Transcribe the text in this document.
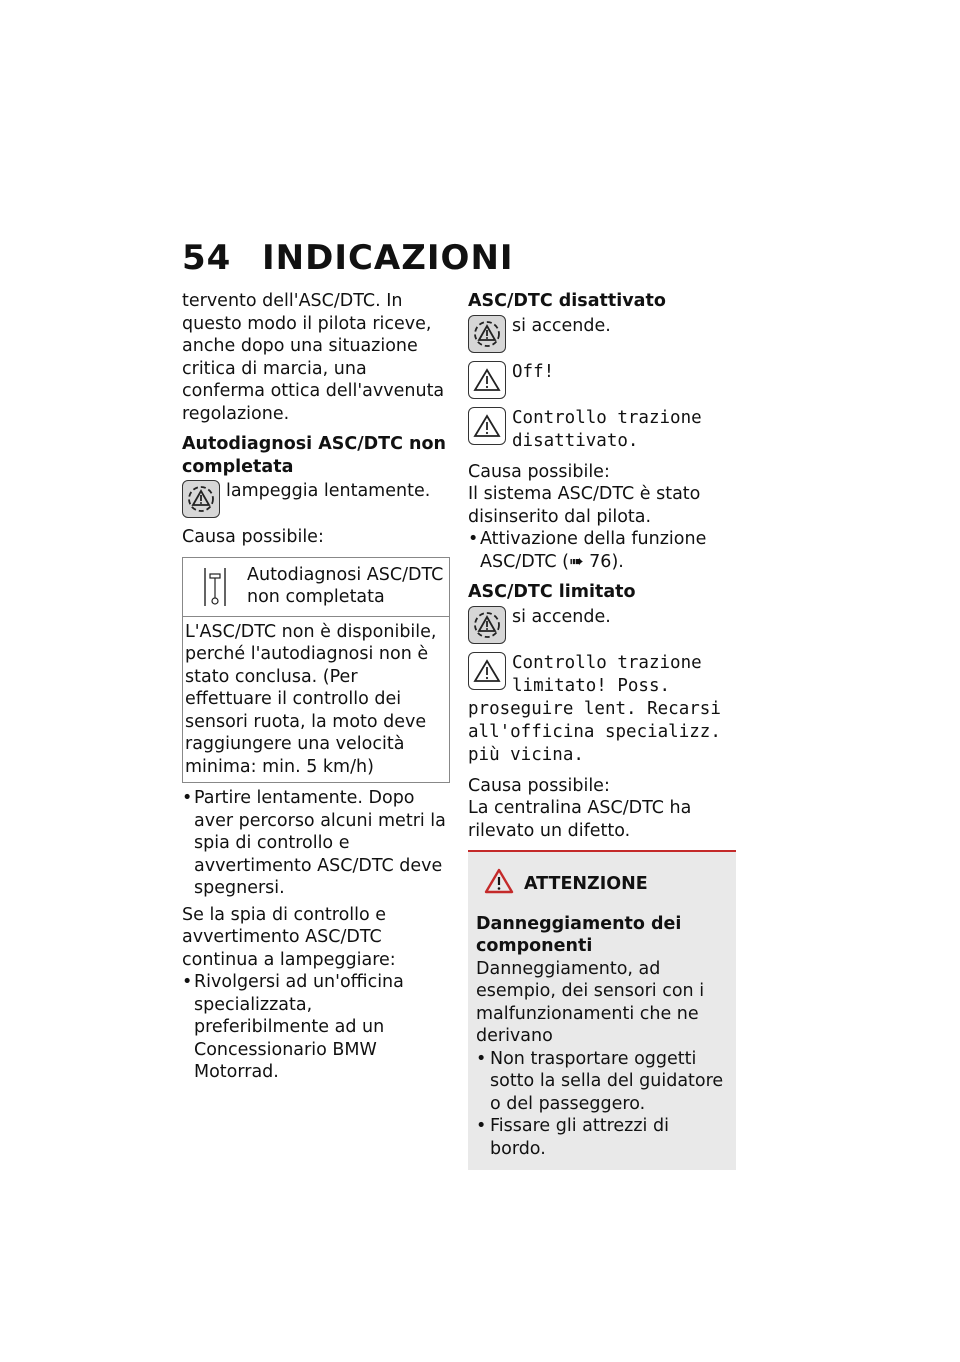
54 INDICAZIONI

tervento dell'ASC/DTC. In questo modo il pilota riceve, anche dopo una situazione critica di marcia, una conferma ottica dell'avvenuta regolazione.

Autodiagnosi ASC/DTC non completata

lampeggia lentamente.

Causa possibile:

Autodiagnosi ASC/DTC non completata
L'ASC/DTC non è disponibile, perché l'autodiagnosi non è stato conclusa. (Per effettuare il controllo dei sensori ruota, la moto deve raggiungere una velocità minima: min. 5 km/h)
• Partire lentamente. Dopo aver percorso alcuni metri la spia di controllo e avvertimento ASC/DTC deve spegnersi.

Se la spia di controllo e avvertimento ASC/DTC continua a lampeggiare:

• Rivolgersi ad un'officina specializzata, preferibilmente ad un Concessionario BMW Motorrad.

ASC/DTC disattivato

si accende.
Off!
Controllo trazione disattivato.

Causa possibile:

Il sistema ASC/DTC è stato disinserito dal pilota.

• Attivazione della funzione ASC/DTC (➠ 76).

ASC/DTC limitato

si accende.
Controllo trazione limitato! Poss.
proseguire lent. Recarsi all'officina specializz. più vicina.

Causa possibile:

La centralina ASC/DTC ha rilevato un difetto.

ATTENZIONE

Danneggiamento dei componenti

Danneggiamento, ad esempio, dei sensori con i malfunzionamenti che ne derivano

• Non trasportare oggetti sotto la sella del guidatore o del passeggero.
• Fissare gli attrezzi di bordo.
